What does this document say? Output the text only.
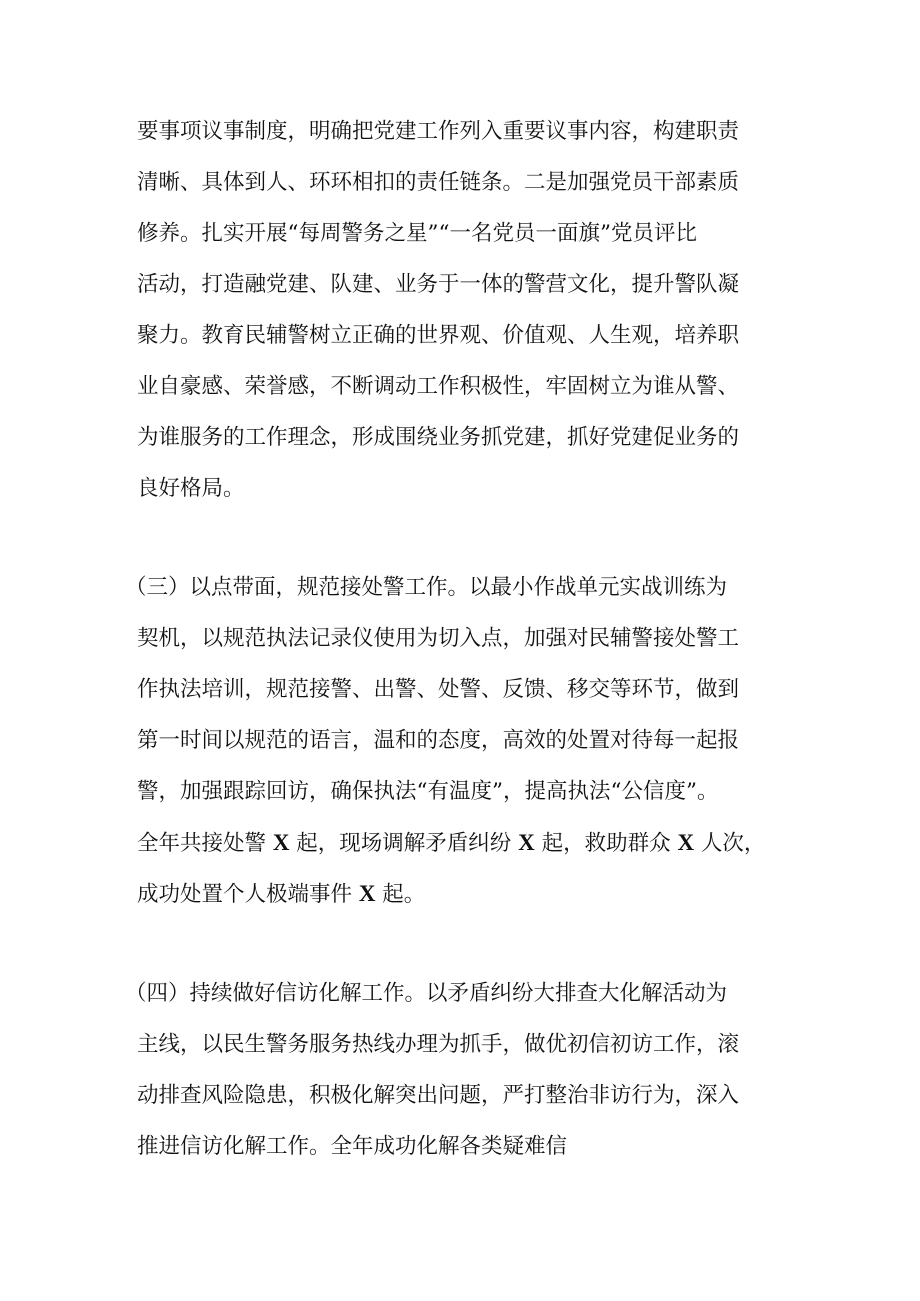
要事项议事制度，明确把党建工作列入重要议事内容，构建职责
清晰、具体到人、环环相扣的责任链条。二是加强党员干部素质
修养。扎实开展“每周警务之星”“一名党员一面旗”党员评比
活动，打造融党建、队建、业务于一体的警营文化，提升警队凝
聚力。教育民辅警树立正确的世界观、价值观、人生观，培养职
业自豪感、荣誉感，不断调动工作积极性，牢固树立为谁从警、
为谁服务的工作理念，形成围绕业务抓党建，抓好党建促业务的
良好格局。
（三）以点带面，规范接处警工作。以最小作战单元实战训练为
契机，以规范执法记录仪使用为切入点，加强对民辅警接处警工
作执法培训，规范接警、出警、处警、反馈、移交等环节，做到
第一时间以规范的语言，温和的态度，高效的处置对待每一起报
警，加强跟踪回访，确保执法“有温度”，提高执法“公信度”。
全年共接处警 X 起，现场调解矛盾纠纷 X 起，救助群众 X 人次，
成功处置个人极端事件 X 起。
（四）持续做好信访化解工作。以矛盾纠纷大排查大化解活动为
主线，以民生警务服务热线办理为抓手，做优初信初访工作，滚
动排查风险隐患，积极化解突出问题，严打整治非访行为，深入
推进信访化解工作。全年成功化解各类疑难信
